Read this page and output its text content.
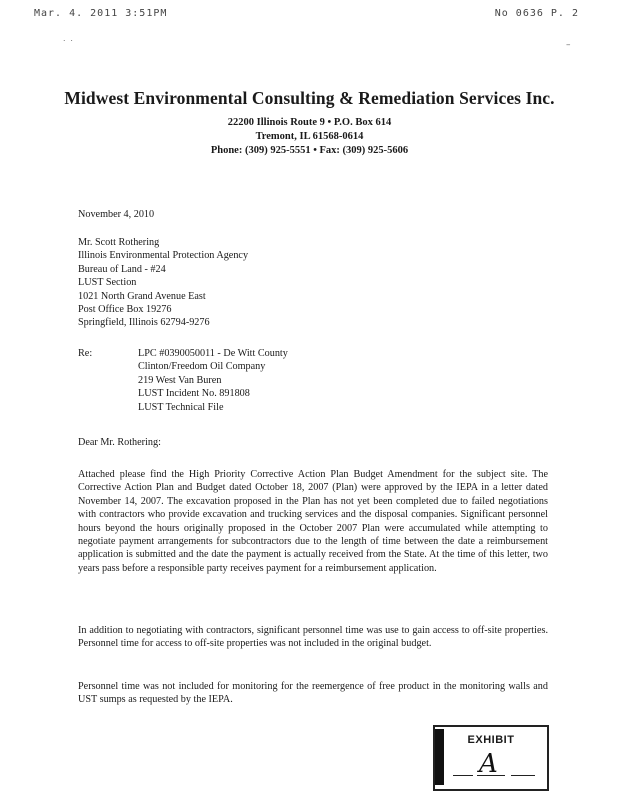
Mar. 4. 2011 3:51PM	No 0636 P. 2
˙ ˙	–
Midwest Environmental Consulting & Remediation Services Inc.
22200 Illinois Route 9 • P.O. Box 614
Tremont, IL 61568-0614
Phone: (309) 925-5551 • Fax: (309) 925-5606
November 4, 2010
Mr. Scott Rothering
Illinois Environmental Protection Agency
Bureau of Land - #24
LUST Section
1021 North Grand Avenue East
Post Office Box 19276
Springfield, Illinois 62794-9276
Re:	LPC #0390050011 - De Witt County
Clinton/Freedom Oil Company
219 West Van Buren
LUST Incident No. 891808
LUST Technical File
Dear Mr. Rothering:
Attached please find the High Priority Corrective Action Plan Budget Amendment for the subject site. The Corrective Action Plan and Budget dated October 18, 2007 (Plan) were approved by the IEPA in a letter dated November 14, 2007. The excavation proposed in the Plan has not yet been completed due to failed negotiations with contractors who provide excavation and trucking services and the disposal companies. Significant personnel hours beyond the hours originally proposed in the October 2007 Plan were accumulated while attempting to negotiate payment arrangements for subcontractors due to the length of time between the date a reimbursement application is submitted and the date the payment is actually received from the State. At the time of this letter, two years pass before a responsible party receives payment for a reimbursement application.
In addition to negotiating with contractors, significant personnel time was use to gain access to off-site properties. Personnel time for access to off-site properties was not included in the original budget.
Personnel time was not included for monitoring for the reemergence of free product in the monitoring walls and UST sumps as requested by the IEPA.
EXHIBIT
A
